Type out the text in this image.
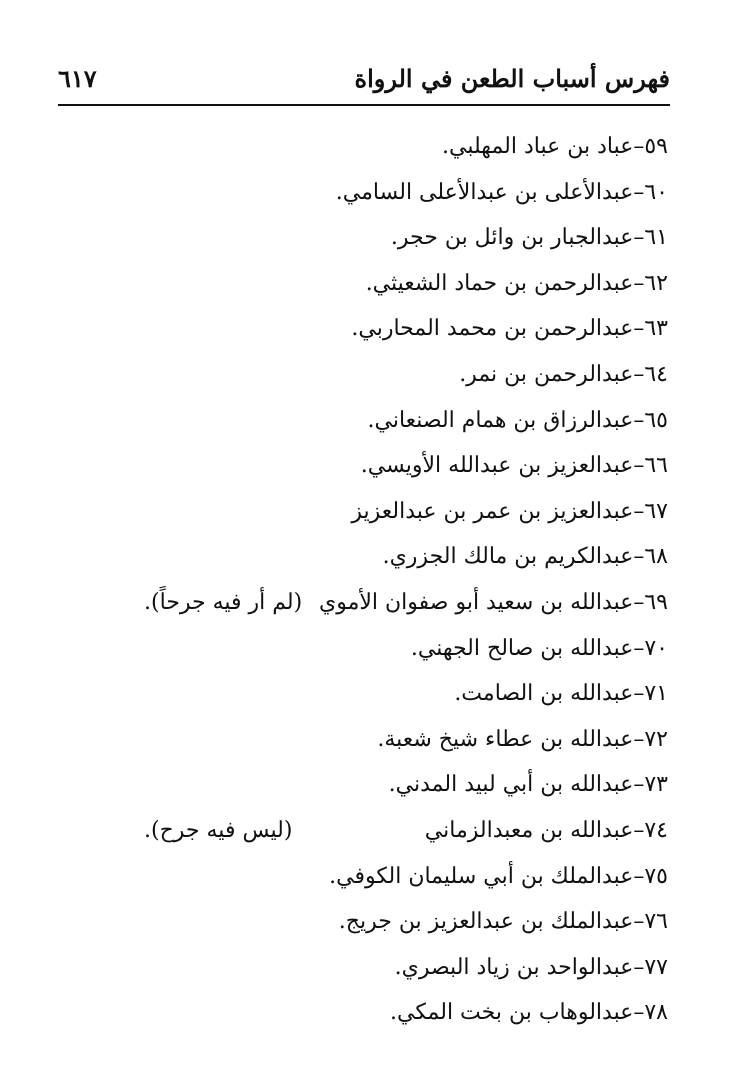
فهرس أسباب الطعن في الرواة
٦١٧
٥٩–عباد بن عباد المهلبي.
٦٠–عبدالأعلى بن عبدالأعلى السامي.
٦١–عبدالجبار بن وائل بن حجر.
٦٢–عبدالرحمن بن حماد الشعيثي.
٦٣–عبدالرحمن بن محمد المحاربي.
٦٤–عبدالرحمن بن نمر.
٦٥–عبدالرزاق بن همام الصنعاني.
٦٦–عبدالعزيز بن عبدالله الأويسي.
٦٧–عبدالعزيز بن عمر بن عبدالعزيز
٦٨–عبدالكريم بن مالك الجزري.
٦٩–عبدالله بن سعيد أبو صفوان الأموي
(لم أر فيه جرحاً).
٧٠–عبدالله بن صالح الجهني.
٧١–عبدالله بن الصامت.
٧٢–عبدالله بن عطاء شيخ شعبة.
٧٣–عبدالله بن أبي لبيد المدني.
٧٤–عبدالله بن معبدالزماني
(ليس فيه جرح).
٧٥–عبدالملك بن أبي سليمان الكوفي.
٧٦–عبدالملك بن عبدالعزيز بن جريج.
٧٧–عبدالواحد بن زياد البصري.
٧٨–عبدالوهاب بن بخت المكي.
